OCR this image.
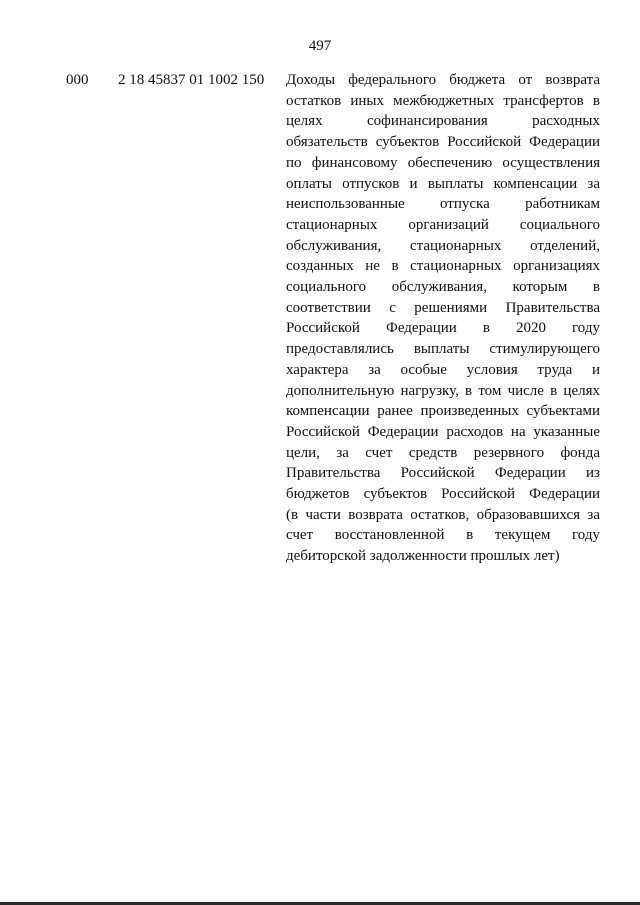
497
000 2 18 45837 01 1002 150 Доходы федерального бюджета от возврата
остатков иных межбюджетных трансфертов в
целях софинансирования расходных
обязательств субъектов Российской Федерации
по финансовому обеспечению осуществления
оплаты отпусков и выплаты компенсации за
неиспользованные отпуска работникам
стационарных организаций социального
обслуживания, стационарных отделений,
созданных не в стационарных организациях
социального обслуживания, которым в
соответствии с решениями Правительства
Российской Федерации в 2020 году
предоставлялись выплаты стимулирующего
характера за особые условия труда и
дополнительную нагрузку, в том числе в целях
компенсации ранее произведенных субъектами
Российской Федерации расходов на указанные
цели, за счет средств резервного фонда
Правительства Российской Федерации из
бюджетов субъектов Российской Федерации
(в части возврата остатков, образовавшихся за
счет восстановленной в текущем году
дебиторской задолженности прошлых лет)
